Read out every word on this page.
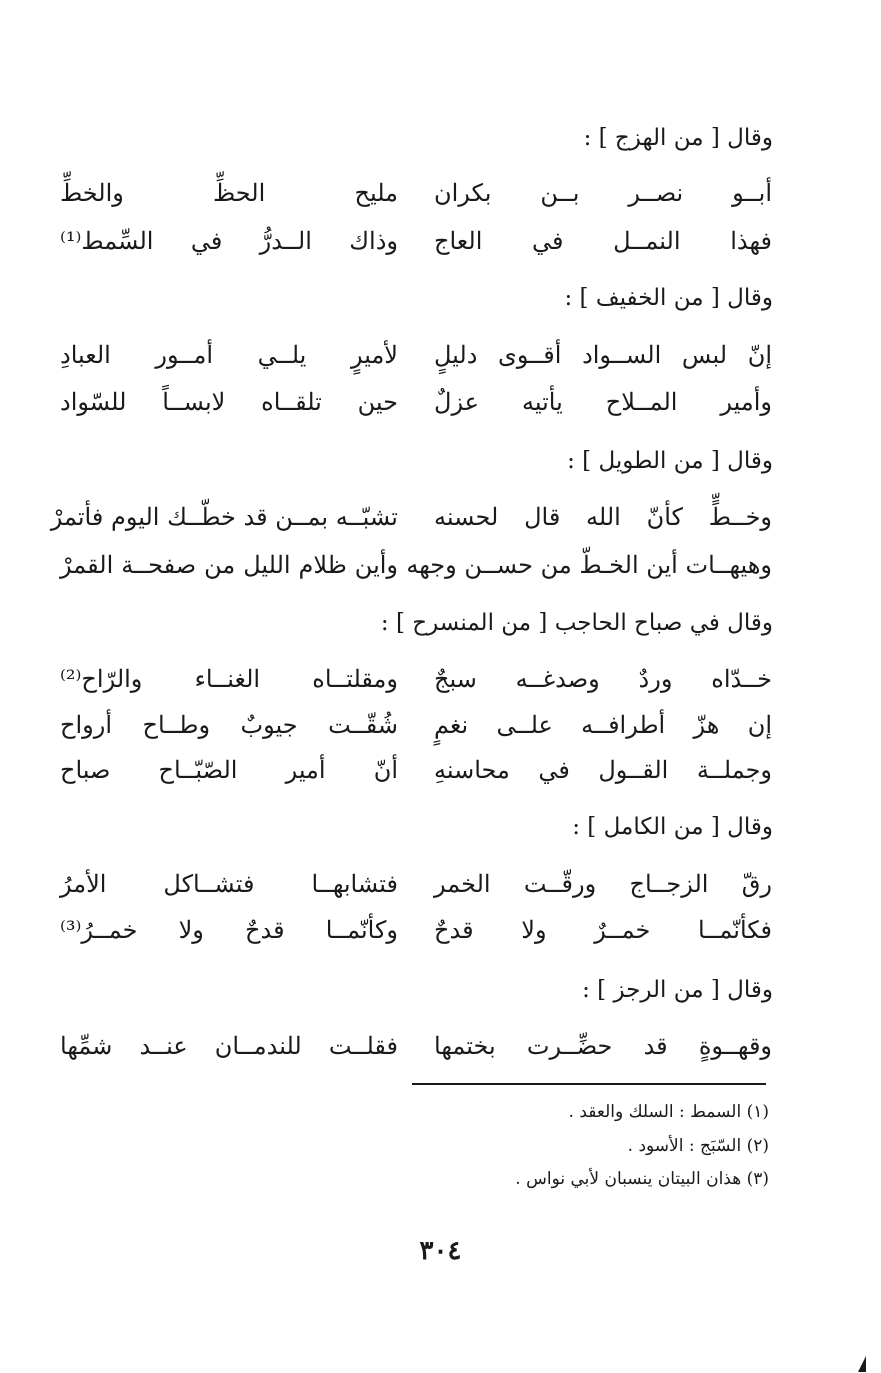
وقال [ من الهزج ] :
أبــو نصــر بــن بكران
مليح الحظِّ والخطِّ
فهذا النمــل في العاج
وذاك الــدرُّ في السِّمط⁽¹⁾
وقال [ من الخفيف ] :
إنّ لبس الســواد أقــوى دليلٍ
لأميرٍ يلــي أمــور العبادِ
وأمير المــلاح يأتيه عزلٌ
حين تلقــاه لابســاً للسّواد
وقال [ من الطويل ] :
وخــطٍّ كأنّ الله قال لحسنه
تشبّــه بمــن قد خطّــك اليوم فأتمرْ
وهيهــات أين الخـطّ من حســن وجهه
وأين ظلام الليل من صفحــة القمرْ
وقال في صباح الحاجب [ من المنسرح ] :
خــدّاه وردٌ وصدغــه سبجٌ
ومقلتــاه الغنــاء والرّاح⁽²⁾
إن هزّ أطرافــه علــى نغمٍ
شُقّــت جيوبٌ وطــاح أرواح
وجملــة القــول في محاسنهِ
أنّ أمير الصّبّــاح صباح
وقال [ من الكامل ] :
رقّ الزجــاج ورقّــت الخمر
فتشابهــا فتشــاكل الأمرُ
فكأنّمــا خمــرٌ ولا قدحٌ
وكأنّمــا قدحٌ ولا خمــرُ⁽³⁾
وقال [ من الرجز ] :
وقهــوةٍ قد حضِّــرت بختمها
فقلــت للندمــان عنــد شمِّها
(١) السمط : السلك والعقد .
(٢) السّبَج : الأسود .
(٣) هذان البيتان ينسبان لأبي نواس .
٣٠٤
